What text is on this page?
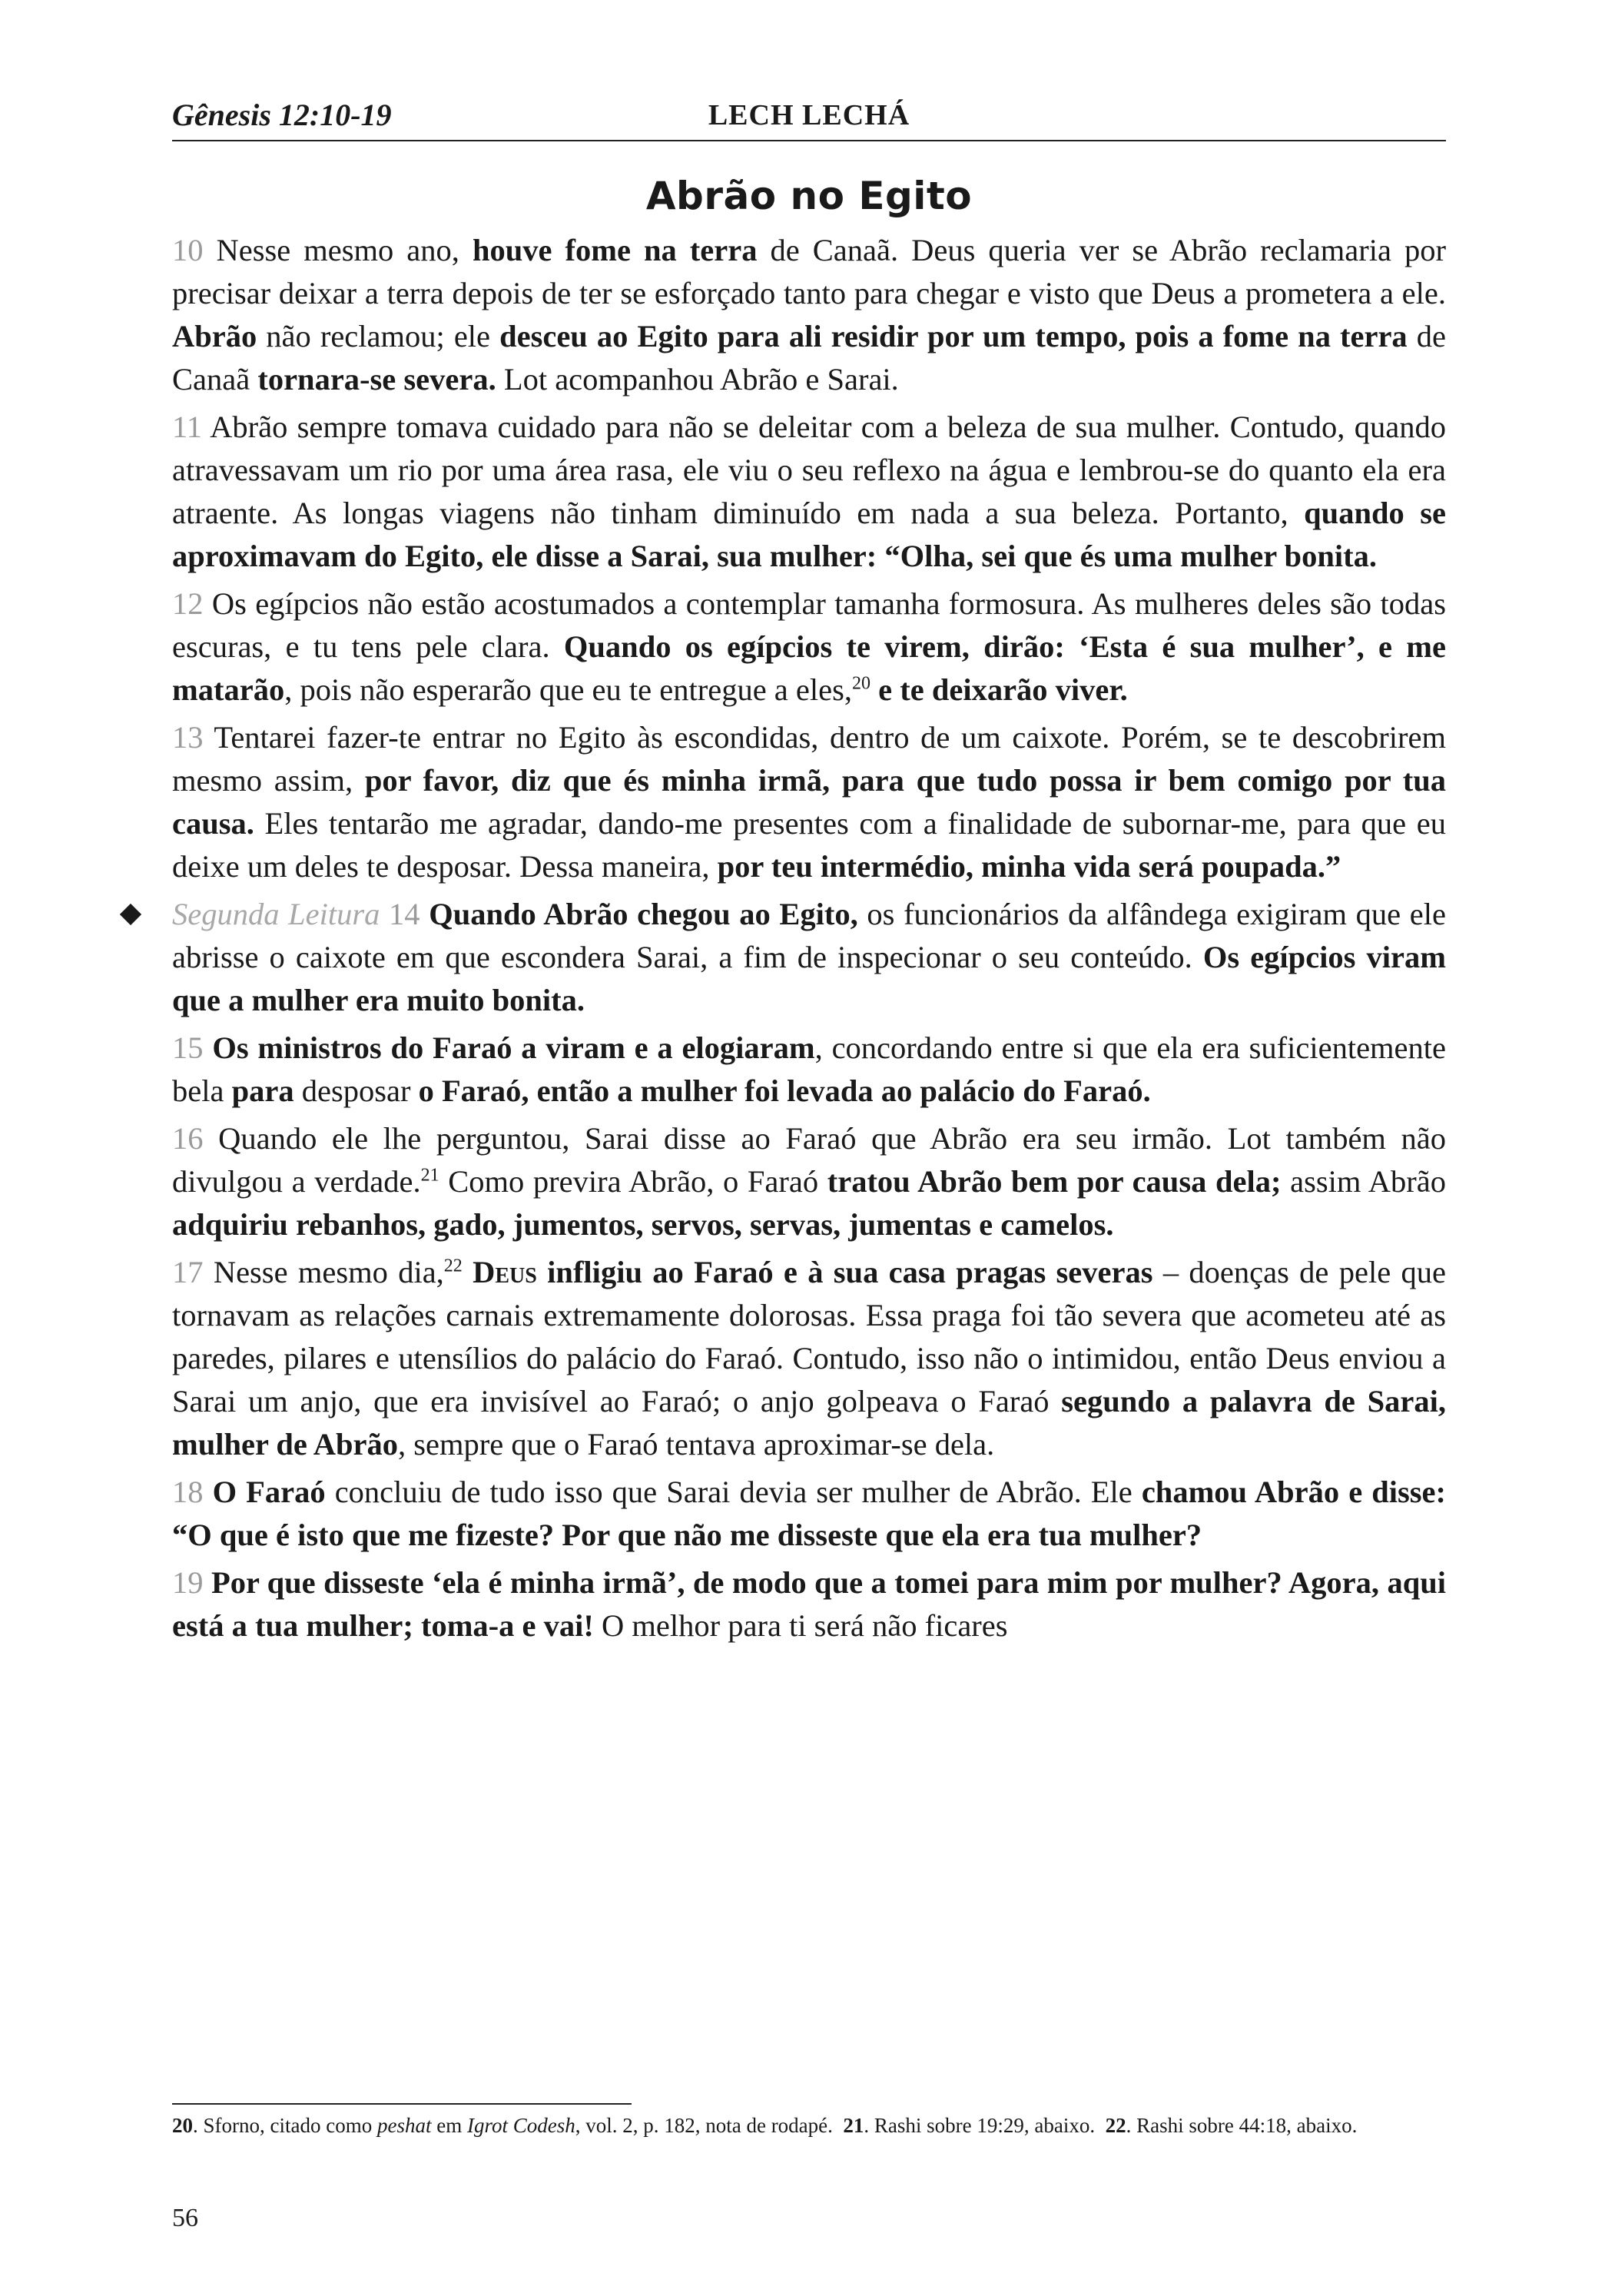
Gênesis 12:10-19	LECH LECHÁ
Abrão no Egito

10 Nesse mesmo ano, houve fome na terra de Canaã. Deus queria ver se Abrão reclamaria por precisar deixar a terra depois de ter se esforçado tanto para chegar e visto que Deus a prometera a ele. Abrão não reclamou; ele desceu ao Egito para ali residir por um tempo, pois a fome na terra de Canaã tornara-se severa. Lot acompanhou Abrão e Sarai.

11 Abrão sempre tomava cuidado para não se deleitar com a beleza de sua mulher. Contudo, quando atravessavam um rio por uma área rasa, ele viu o seu reflexo na água e lembrou-se do quanto ela era atraente. As longas viagens não tinham diminuído em nada a sua beleza. Portanto, quando se aproximavam do Egito, ele disse a Sarai, sua mulher: “Olha, sei que és uma mulher bonita.

12 Os egípcios não estão acostumados a contemplar tamanha formosura. As mulheres deles são todas escuras, e tu tens pele clara. Quando os egípcios te virem, dirão: ‘Esta é sua mulher’, e me matarão, pois não esperarão que eu te entregue a eles,$^{20}$ e te deixarão viver.

13 Tentarei fazer-te entrar no Egito às escondidas, dentro de um caixote. Porém, se te descobrirem mesmo assim, por favor, diz que és minha irmã, para que tudo possa ir bem comigo por tua causa. Eles tentarão me agradar, dando-me presentes com a finalidade de subornar-me, para que eu deixe um deles te desposar. Dessa maneira, por teu intermédio, minha vida será poupada.”

Segunda Leitura 14 Quando Abrão chegou ao Egito, os funcionários da alfândega exigiram que ele abrisse o caixote em que escondera Sarai, a fim de inspecionar o seu conteúdo. Os egípcios viram que a mulher era muito bonita.

15 Os ministros do Faraó a viram e a elogiaram, concordando entre si que ela era suficientemente bela para desposar o Faraó, então a mulher foi levada ao palácio do Faraó.

16 Quando ele lhe perguntou, Sarai disse ao Faraó que Abrão era seu irmão. Lot também não divulgou a verdade.$^{21}$ Como previra Abrão, o Faraó tratou Abrão bem por causa dela; assim Abrão adquiriu rebanhos, gado, jumentos, servos, servas, jumentas e camelos.

17 Nesse mesmo dia,$^{22}$ Deus infligiu ao Faraó e à sua casa pragas severas – doenças de pele que tornavam as relações carnais extremamente dolorosas. Essa praga foi tão severa que acometeu até as paredes, pilares e utensílios do palácio do Faraó. Contudo, isso não o intimidou, então Deus enviou a Sarai um anjo, que era invisível ao Faraó; o anjo golpeava o Faraó segundo a palavra de Sarai, mulher de Abrão, sempre que o Faraó tentava aproximar-se dela.

18 O Faraó concluiu de tudo isso que Sarai devia ser mulher de Abrão. Ele chamou Abrão e disse: “O que é isto que me fizeste? Por que não me disseste que ela era tua mulher?

19 Por que disseste ‘ela é minha irmã’, de modo que a tomei para mim por mulher? Agora, aqui está a tua mulher; toma-a e vai! O melhor para ti será não ficares

20. Sforno, citado como peshat em Igrot Codesh, vol. 2, p. 182, nota de rodapé. 21. Rashi sobre 19:29, abaixo. 22. Rashi sobre 44:18, abaixo.
56
